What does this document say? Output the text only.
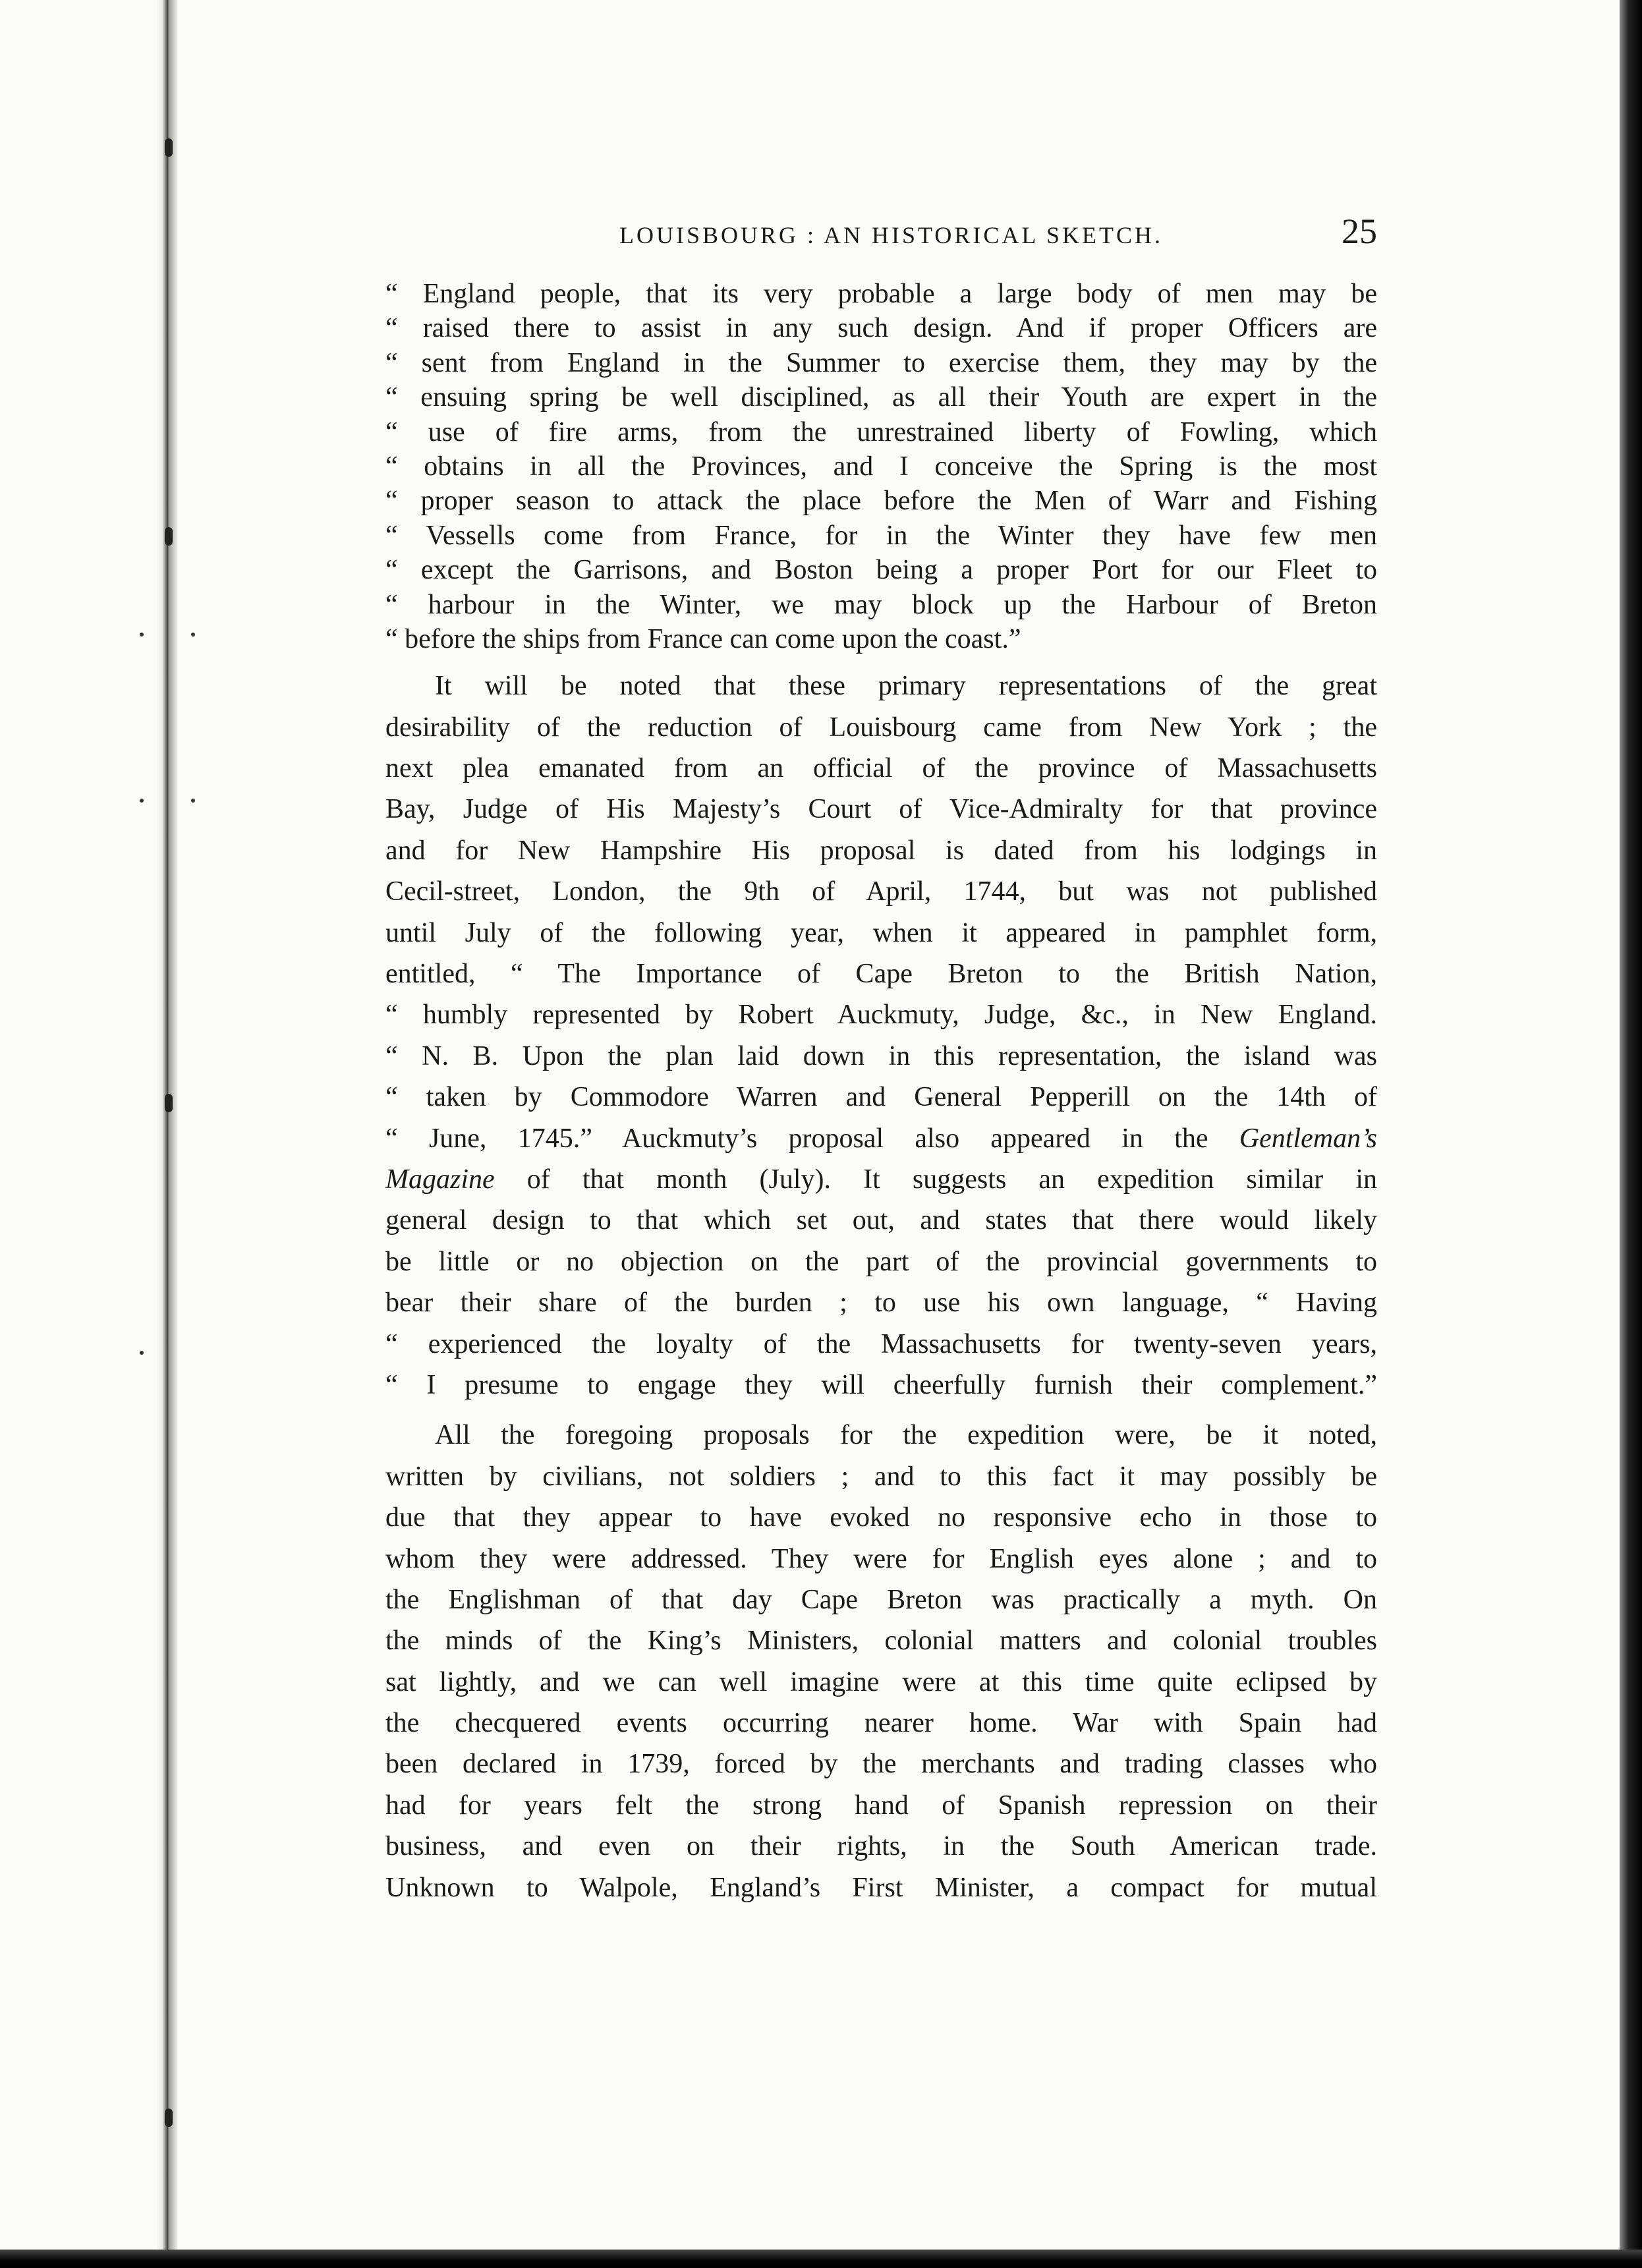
LOUISBOURG : AN HISTORICAL SKETCH.	25
“ England people, that its very probable a large body of men may be
“ raised there to assist in any such design. And if proper Officers are
“ sent from England in the Summer to exercise them, they may by the
“ ensuing spring be well disciplined, as all their Youth are expert in the
“ use of fire arms, from the unrestrained liberty of Fowling, which
“ obtains in all the Provinces, and I conceive the Spring is the most
“ proper season to attack the place before the Men of Warr and Fishing
“ Vessells come from France, for in the Winter they have few men
“ except the Garrisons, and Boston being a proper Port for our Fleet to
“ harbour in the Winter, we may block up the Harbour of Breton
“ before the ships from France can come upon the coast.”
It will be noted that these primary representations of the great
desirability of the reduction of Louisbourg came from New York ; the
next plea emanated from an official of the province of Massachusetts
Bay, Judge of His Majesty’s Court of Vice-Admiralty for that province
and for New Hampshire His proposal is dated from his lodgings in
Cecil-street, London, the 9th of April, 1744, but was not published
until July of the following year, when it appeared in pamphlet form,
entitled, “ The Importance of Cape Breton to the British Nation,
“ humbly represented by Robert Auckmuty, Judge, &c., in New England.
“ N. B. Upon the plan laid down in this representation, the island was
“ taken by Commodore Warren and General Pepperill on the 14th of
“ June, 1745.” Auckmuty’s proposal also appeared in the Gentleman’s
Magazine of that month (July). It suggests an expedition similar in
general design to that which set out, and states that there would likely
be little or no objection on the part of the provincial governments to
bear their share of the burden ; to use his own language, “ Having
“ experienced the loyalty of the Massachusetts for twenty-seven years,
“ I presume to engage they will cheerfully furnish their complement.”
All the foregoing proposals for the expedition were, be it noted,
written by civilians, not soldiers ; and to this fact it may possibly be
due that they appear to have evoked no responsive echo in those to
whom they were addressed. They were for English eyes alone ; and to
the Englishman of that day Cape Breton was practically a myth. On
the minds of the King’s Ministers, colonial matters and colonial troubles
sat lightly, and we can well imagine were at this time quite eclipsed by
the checquered events occurring nearer home. War with Spain had
been declared in 1739, forced by the merchants and trading classes who
had for years felt the strong hand of Spanish repression on their
business, and even on their rights, in the South American trade.
Unknown to Walpole, England’s First Minister, a compact for mutual
